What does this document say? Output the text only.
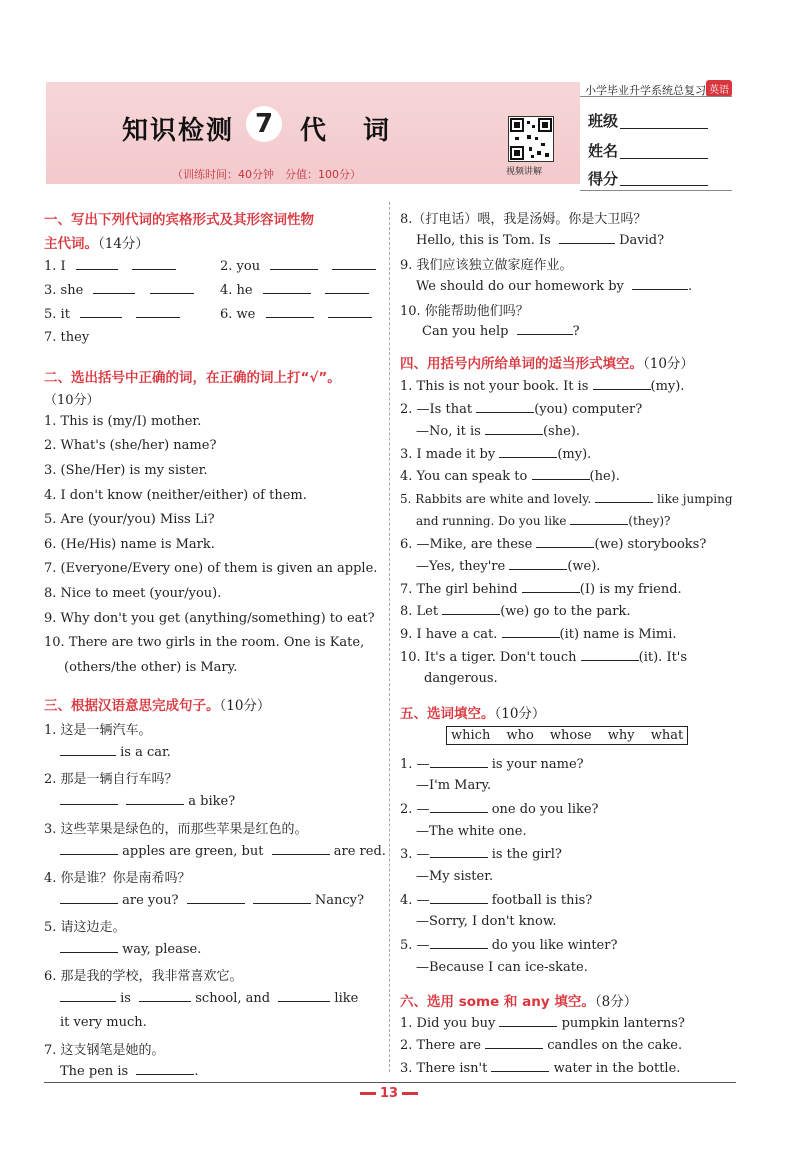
知识检测 7	代 词
（训练时间：40分钟　分值：100分）	视频讲解
小学毕业升学系统总复习 英语
班级
姓名
得分
一、写出下列代词的宾格形式及其形容词性物
主代词。（14分）
1. I	2. you
3. she	4. he
5. it	6. we
7. they
二、选出括号中正确的词，在正确的词上打“√”。
（10分）
1. This is (my/I) mother.
2. What's (she/her) name?
3. (She/Her) is my sister.
4. I don't know (neither/either) of them.
5. Are (your/you) Miss Li?
6. (He/His) name is Mark.
7. (Everyone/Every one) of them is given an apple.
8. Nice to meet (your/you).
9. Why don't you get (anything/something) to eat?
10. There are two girls in the room. One is Kate,
(others/the other) is Mary.
三、根据汉语意思完成句子。（10分）
1. 这是一辆汽车。
is a car.
2. 那是一辆自行车吗？
a bike?
3. 这些苹果是绿色的，而那些苹果是红色的。
apples are green, but	are red.
4. 你是谁？你是南希吗？
are you?	Nancy?
5. 请这边走。
way, please.
6. 那是我的学校，我非常喜欢它。
is	school, and	like
it very much.
7. 这支钢笔是她的。
The pen is	.
8.（打电话）喂，我是汤姆。你是大卫吗？
Hello, this is Tom. Is	David?
9. 我们应该独立做家庭作业。
We should do our homework by	.
10. 你能帮助他们吗？
Can you help	?
四、用括号内所给单词的适当形式填空。（10分）
1. This is not your book. It is	(my).
2. —Is that	(you) computer?
—No, it is	(she).
3. I made it by	(my).
4. You can speak to	(he).
5. Rabbits are white and lovely.	like jumping
and running. Do you like	(they)?
6. —Mike, are these	(we) storybooks?
—Yes, they're	(we).
7. The girl behind	(I) is my friend.
8. Let	(we) go to the park.
9. I have a cat.	(it) name is Mimi.
10. It's a tiger. Don't touch	(it). It's
dangerous.
五、选词填空。（10分）
which who whose why what
1. —	is your name?
—I'm Mary.
2. —	one do you like?
—The white one.
3. —	is the girl?
—My sister.
4. —	football is this?
—Sorry, I don't know.
5. —	do you like winter?
—Because I can ice-skate.
六、选用 some 和 any 填空。（8分）
1. Did you buy	pumpkin lanterns?
2. There are	candles on the cake.
3. There isn't	water in the bottle.
13
